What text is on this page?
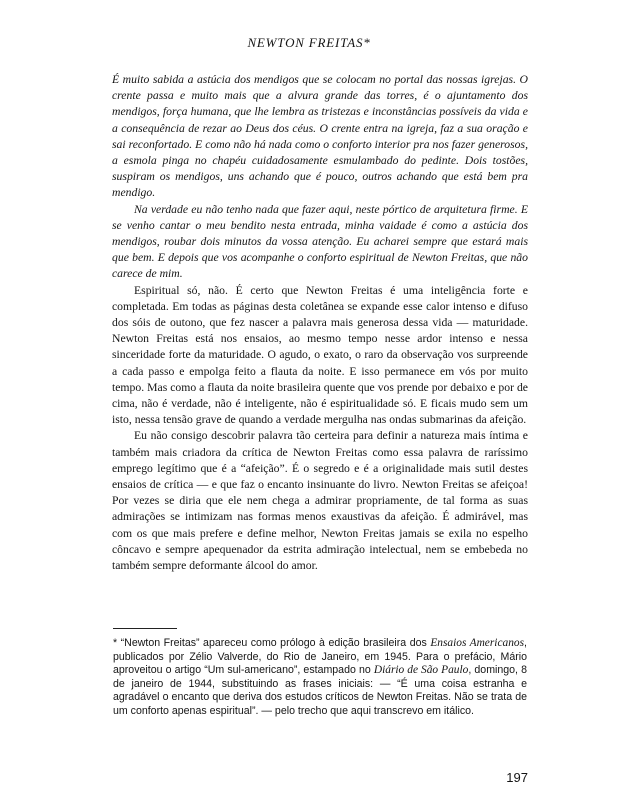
NEWTON FREITAS*

É muito sabida a astúcia dos mendigos que se colocam no portal das nossas igrejas. O crente passa e muito mais que a alvura grande das torres, é o ajuntamento dos mendigos, força humana, que lhe lembra as tristezas e inconstâncias possíveis da vida e a consequência de rezar ao Deus dos céus. O crente entra na igreja, faz a sua oração e sai reconfortado. E como não há nada como o conforto interior pra nos fazer generosos, a esmola pinga no chapéu cuidadosamente esmulambado do pedinte. Dois tostões, suspiram os mendigos, uns achando que é pouco, outros achando que está bem pra mendigo.

Na verdade eu não tenho nada que fazer aqui, neste pórtico de arquitetura firme. E se venho cantar o meu bendito nesta entrada, minha vaidade é como a astúcia dos mendigos, roubar dois minutos da vossa atenção. Eu acharei sempre que estará mais que bem. E depois que vos acompanhe o conforto espiritual de Newton Freitas, que não carece de mim.

Espiritual só, não. É certo que Newton Freitas é uma inteligência forte e completada. Em todas as páginas desta coletânea se expande esse calor intenso e difuso dos sóis de outono, que fez nascer a palavra mais generosa dessa vida — maturidade. Newton Freitas está nos ensaios, ao mesmo tempo nesse ardor intenso e nessa sinceridade forte da maturidade. O agudo, o exato, o raro da observação vos surpreende a cada passo e empolga feito a flauta da noite. E isso permanece em vós por muito tempo. Mas como a flauta da noite brasileira quente que vos prende por debaixo e por de cima, não é verdade, não é inteligente, não é espiritualidade só. E ficais mudo sem um isto, nessa tensão grave de quando a verdade mergulha nas ondas submarinas da afeição.

Eu não consigo descobrir palavra tão certeira para definir a natureza mais íntima e também mais criadora da crítica de Newton Freitas como essa palavra de raríssimo emprego legítimo que é a “afeição”. É o segredo e é a originalidade mais sutil destes ensaios de crítica — e que faz o encanto insinuante do livro. Newton Freitas se afeiçoa! Por vezes se diria que ele nem chega a admirar propriamente, de tal forma as suas admirações se intimizam nas formas menos exaustivas da afeição. É admirável, mas com os que mais prefere e define melhor, Newton Freitas jamais se exila no espelho côncavo e sempre apequenador da estrita admiração intelectual, nem se embebeda no também sempre deformante álcool do amor.

* “Newton Freitas” apareceu como prólogo à edição brasileira dos Ensaios Americanos, publicados por Zélio Valverde, do Rio de Janeiro, em 1945. Para o prefácio, Mário aproveitou o artigo “Um sul-americano”, estampado no Diário de São Paulo, domingo, 8 de janeiro de 1944, substituindo as frases iniciais: — “É uma coisa estranha e agradável o encanto que deriva dos estudos críticos de Newton Freitas. Não se trata de um conforto apenas espiritual”. — pelo trecho que aqui transcrevo em itálico.
197
